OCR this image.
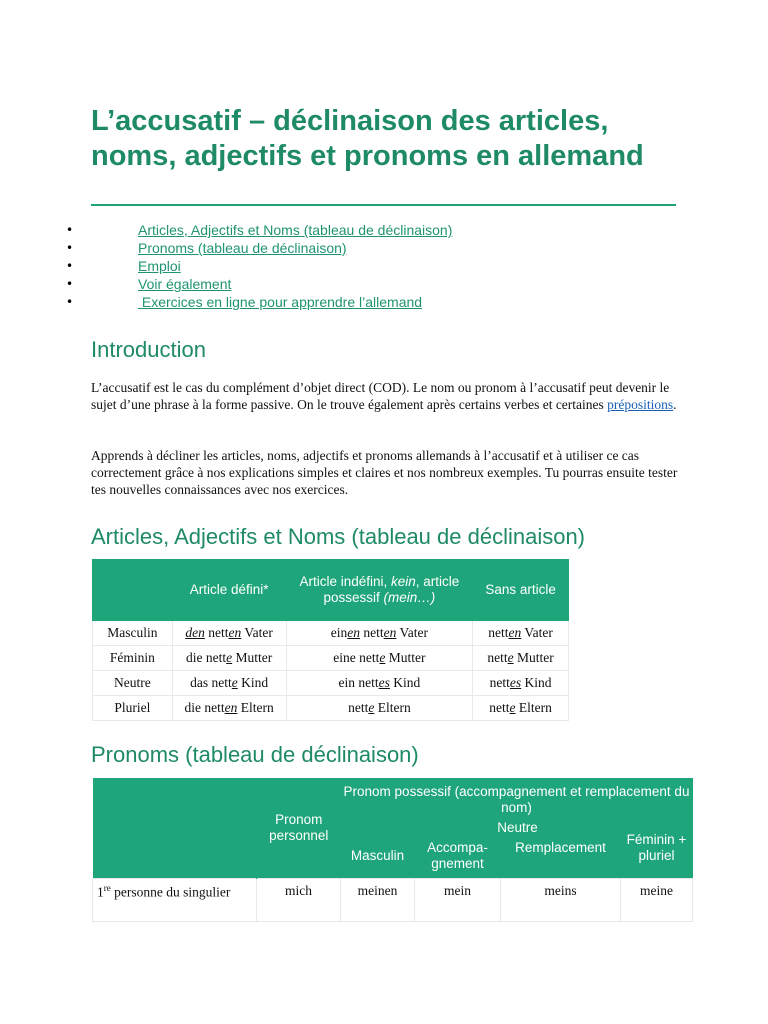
L’accusatif – déclinaison des articles, noms, adjectifs et pronoms en allemand
•	Articles, Adjectifs et Noms (tableau de déclinaison)
•	Pronoms (tableau de déclinaison)
•	Emploi
•	Voir également
•	Exercices en ligne pour apprendre l’allemand
Introduction

L’accusatif est le cas du complément d’objet direct (COD). Le nom ou pronom à l’accusatif peut devenir le sujet d’une phrase à la forme passive. On le trouve également après certains verbes et certaines prépositions.

Apprends à décliner les articles, noms, adjectifs et pronoms allemands à l’accusatif et à utiliser ce cas correctement grâce à nos explications simples et claires et nos nombreux exemples. Tu pourras ensuite tester tes nouvelles connaissances avec nos exercices.

Articles, Adjectifs et Noms (tableau de déclinaison)
	Article défini*	Article indéfini, kein, article possessif (mein…)	Sans article
Masculin	den netten Vater	einen netten Vater	netten Vater
Féminin	die nette Mutter	eine nette Mutter	nette Mutter
Neutre	das nette Kind	ein nettes Kind	nettes Kind
Pluriel	die netten Eltern	nette Eltern	nette Eltern
Pronoms (tableau de déclinaison)
	Pronom personnel	Pronom possessif (accompagnement et remplacement du nom)			
		Masculin	Neutre		Féminin + pluriel
			Accompa-gnement	Remplacement	
1re personne du singulier	mich	meinen	mein	meins	meine
